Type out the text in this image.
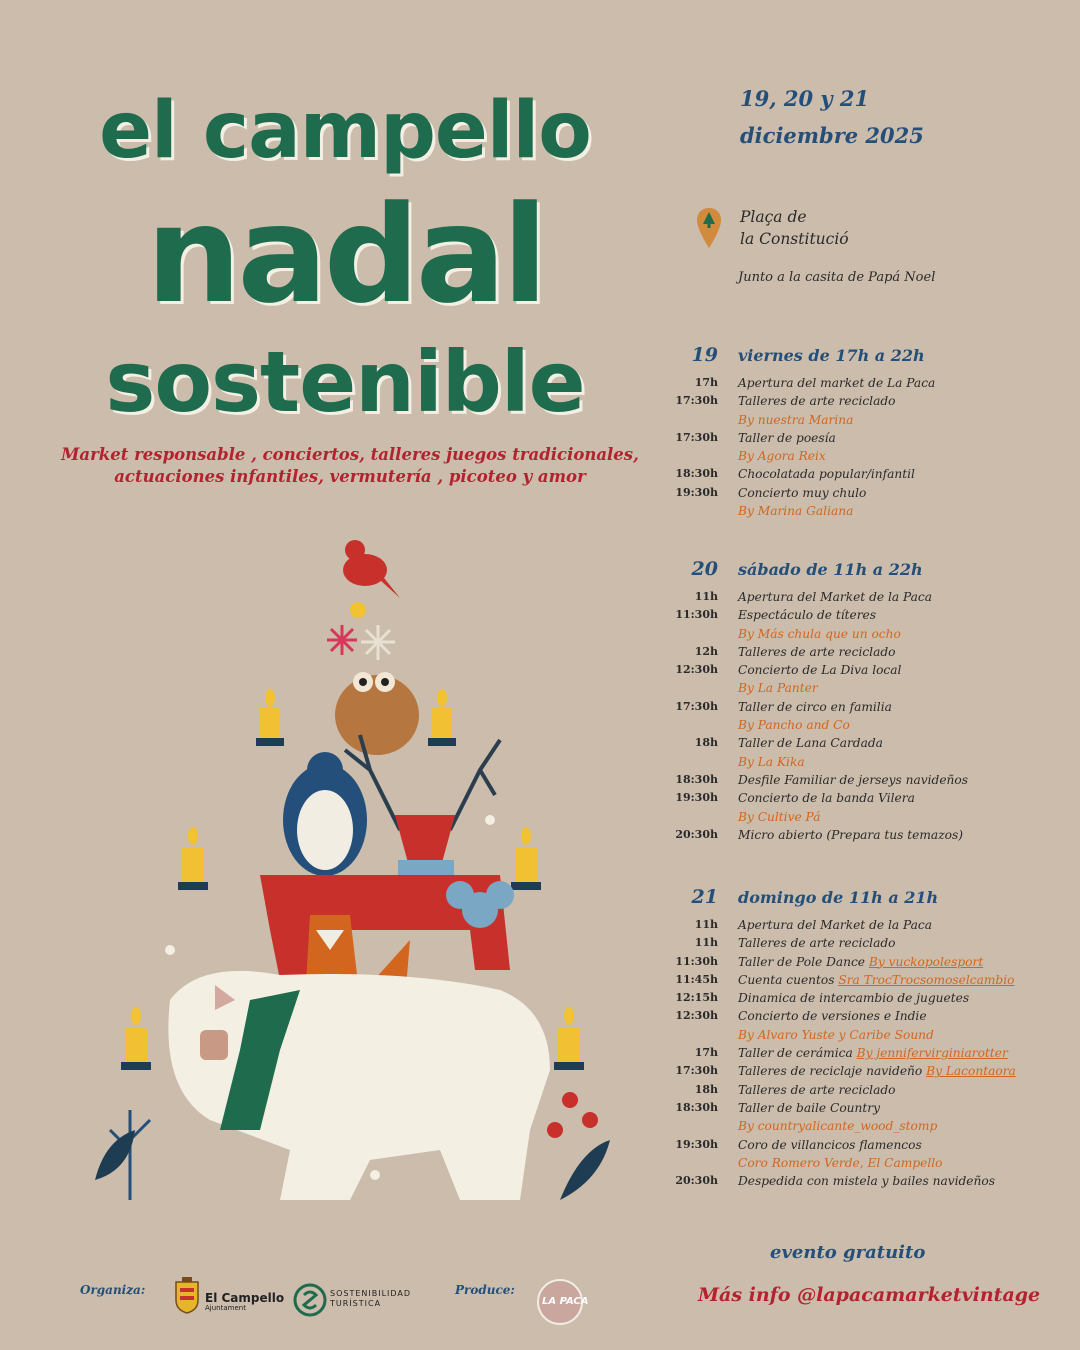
el campello
nadal
sostenible
Market responsable , conciertos, talleres juegos tradicionales,
actuaciones infantiles, vermutería , picoteo y amor
19, 20 y 21
diciembre 2025
Plaça de
la Constitució
Junto a la casita de Papá Noel
19 viernes de 17h a 22h
17h Apertura del market de La Paca
17:30h Talleres de arte reciclado
By nuestra Marina
17:30h Taller de poesía
By Agora Reix
18:30h Chocolatada popular/infantil
19:30h Concierto muy chulo
By Marina Galiana
20 sábado de 11h a 22h
11h Apertura del Market de la Paca
11:30h Espectáculo de títeres
By Más chula que un ocho
12h Talleres de arte reciclado
12:30h Concierto de La Diva local
By La Panter
17:30h Taller de circo en familia
By Pancho and Co
18h Taller de Lana Cardada
By La Kika
18:30h Desfile Familiar de jerseys navideños
19:30h Concierto de la banda Vilera
By Cultive Pá
20:30h Micro abierto (Prepara tus temazos)
21 domingo de 11h a 21h
11h Apertura del Market de la Paca
11h Talleres de arte reciclado
11:30h Taller de Pole Dance By vuckopolesport
11:45h Cuenta cuentos Sra TrocTrocsomoselcambio
12:15h Dinamica de intercambio de juguetes
12:30h Concierto de versiones e Indie
By Alvaro Yuste y Caribe Sound
17h Taller de cerámica By jennifervirginiarotter
17:30h Talleres de reciclaje navideño By Lacontaora
18h Talleres de arte reciclado
18:30h Taller de baile Country
By countryalicante_wood_stomp
19:30h Coro de villancicos flamencos
Coro Romero Verde, El Campello
20:30h Despedida con mistela y bailes navideños
evento gratuito
Más info @lapacamarketvintage
Organiza:
El Campello
Ajuntament
SOSTENIBILIDAD TURÍSTICA
Produce:
LA PACA
